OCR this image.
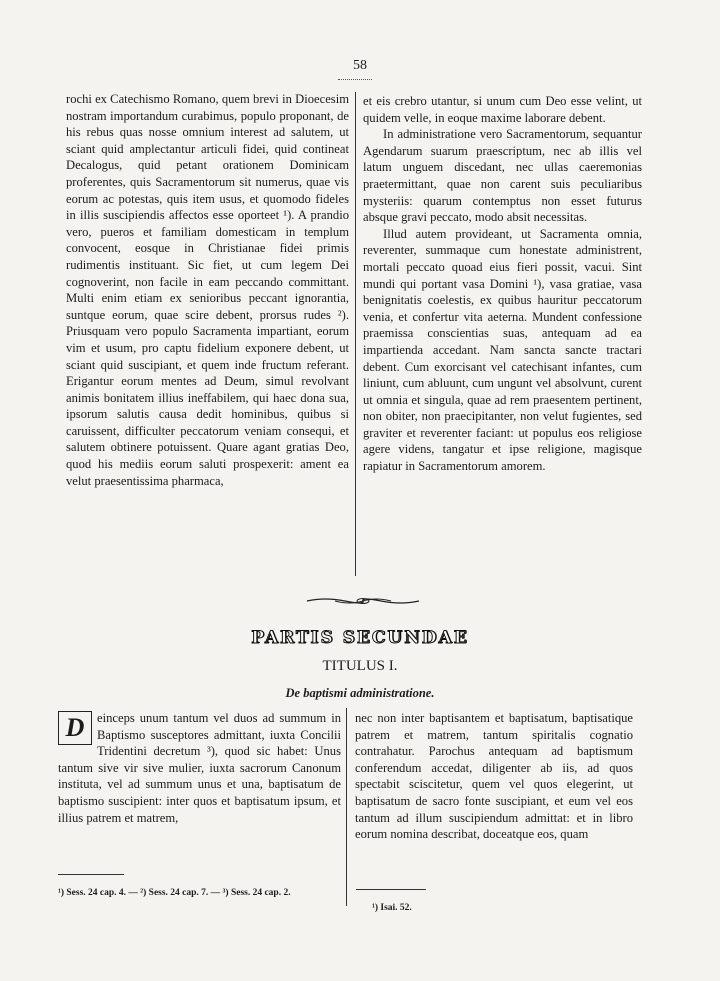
58

rochi ex Catechismo Romano, quem brevi in Dioecesim nostram importandum curabimus, populo proponant, de his rebus quas nosse omnium interest ad salutem, ut sciant quid amplectantur articuli fidei, quid contineat Decalogus, quid petant orationem Dominicam proferentes, quis Sacramentorum sit numerus, quae vis eorum ac potestas, quis item usus, et quomodo fideles in illis suscipiendis affectos esse oporteet ¹). A prandio vero, pueros et familiam domesticam in templum convocent, eosque in Christianae fidei primis rudimentis instituant. Sic fiet, ut cum legem Dei cognoverint, non facile in eam peccando committant. Multi enim etiam ex senioribus peccant ignorantia, suntque eorum, quae scire debent, prorsus rudes ²). Priusquam vero populo Sacramenta impartiant, eorum vim et usum, pro captu fidelium exponere debent, ut sciant quid suscipiant, et quem inde fructum referant. Erigantur eorum mentes ad Deum, simul revolvant animis bonitatem illius ineffabilem, qui haec dona sua, ipsorum salutis causa dedit hominibus, quibus si caruissent, difficulter peccatorum veniam consequi, et salutem obtinere potuissent. Quare agant gratias Deo, quod his mediis eorum saluti prospexerit: ament ea velut praesentissima pharmaca,

et eis crebro utantur, si unum cum Deo esse velint, ut quidem velle, in eoque maxime laborare debent.

In administratione vero Sacramentorum, sequantur Agendarum suarum praescriptum, nec ab illis vel latum unguem discedant, nec ullas caeremonias praetermittant, quae non carent suis peculiaribus mysteriis: quarum contemptus non esset futurus absque gravi peccato, modo absit necessitas.

Illud autem provideant, ut Sacramenta omnia, reverenter, summaque cum honestate administrent, mortali peccato quoad eius fieri possit, vacui. Sint mundi qui portant vasa Domini ¹), vasa gratiae, vasa benignitatis coelestis, ex quibus hauritur peccatorum venia, et confertur vita aeterna. Mundent confessione praemissa conscientias suas, antequam ad ea impartienda accedant. Nam sancta sancte tractari debent. Cum exorcisant vel catechisant infantes, cum liniunt, cum abluunt, cum ungunt vel absolvunt, curent ut omnia et singula, quae ad rem praesentem pertinent, non obiter, non praecipitanter, non velut fugientes, sed graviter et reverenter faciant: ut populus eos religiose agere videns, tangatur et ipse religione, magisque rapiatur in Sacramentorum amorem.

PARTIS SECUNDAE
TITULUS I.
De baptismi administratione.

D	einceps unum tantum vel duos ad summum in Baptismo susceptores admittant, iuxta Concilii Tridentini decretum ³), quod sic habet: Unus tantum sive vir sive mulier, iuxta sacrorum Canonum instituta, vel ad summum unus et una, baptisatum de baptismo suscipient: inter quos et baptisatum ipsum, et illius patrem et matrem,

nec non inter baptisantem et baptisatum, baptisatique patrem et matrem, tantum spiritalis cognatio contrahatur. Parochus antequam ad baptismum conferendum accedat, diligenter ab iis, ad quos spectabit sciscitetur, quem vel quos elegerint, ut baptisatum de sacro fonte suscipiant, et eum vel eos tantum ad illum suscipiendum admittat: et in libro eorum nomina describat, doceatque eos, quam

¹) Sess. 24 cap. 4. — ²) Sess. 24 cap. 7. — ³) Sess. 24 cap. 2.
¹) Isai. 52.
